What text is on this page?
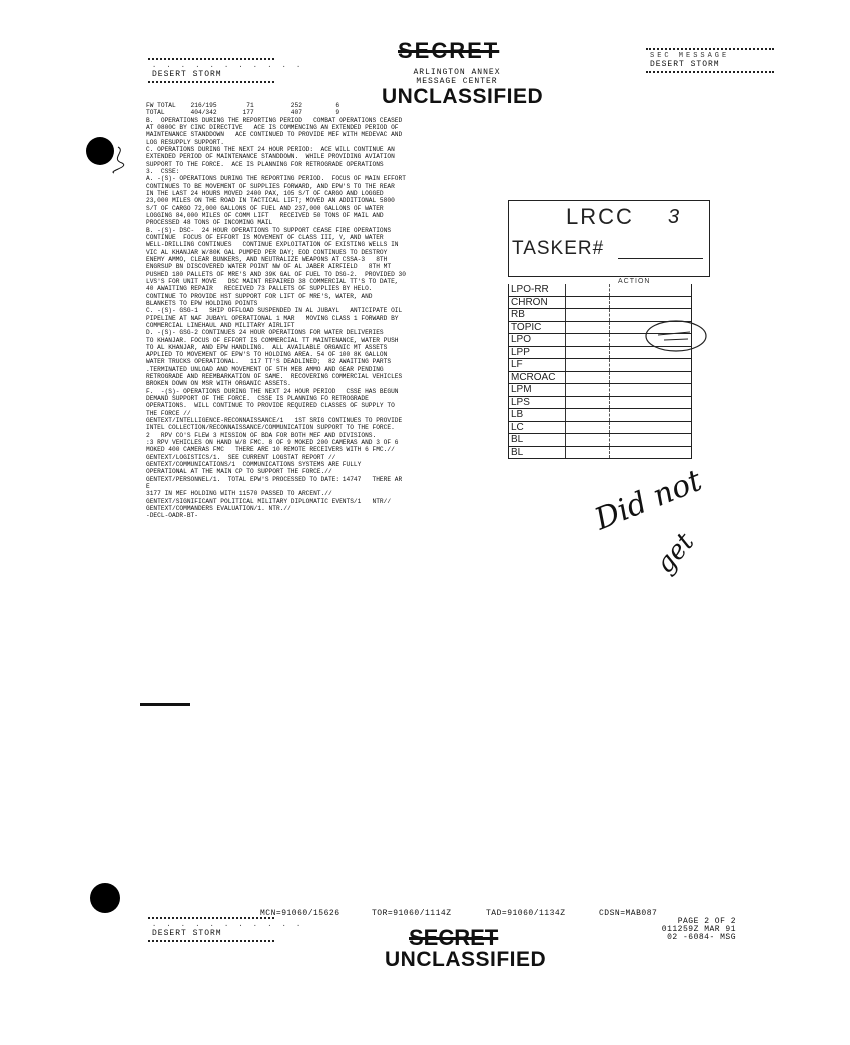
. . . . . . . . . . .
DESERT STORM
SECRET
ARLINGTON ANNEX
MESSAGE CENTER
UNCLASSIFIED
SEC MESSAGE
DESERT STORM
FW TOTAL    216/195        71          252         6
TOTAL       404/342       177          407         9
B.  OPERATIONS DURING THE REPORTING PERIOD   COMBAT OPERATIONS CEASED
AT 0800C BY CINC DIRECTIVE   ACE IS COMMENCING AN EXTENDED PERIOD OF
MAINTENANCE STANDDOWN   ACE CONTINUED TO PROVIDE MEF WITH MEDEVAC AND
LOG RESUPPLY SUPPORT.
C. OPERATIONS DURING THE NEXT 24 HOUR PERIOD:  ACE WILL CONTINUE AN
EXTENDED PERIOD OF MAINTENANCE STANDDOWN.  WHILE PROVIDING AVIATION
SUPPORT TO THE FORCE.  ACE IS PLANNING FOR RETROGRADE OPERATIONS
3.  CSSE:
A. -(S)- OPERATIONS DURING THE REPORTING PERIOD.  FOCUS OF MAIN EFFORT
CONTINUES TO BE MOVEMENT OF SUPPLIES FORWARD, AND EPW'S TO THE REAR
IN THE LAST 24 HOURS MOVED 2400 PAX, 105 S/T OF CARGO AND LOGGED
23,000 MILES ON THE ROAD IN TACTICAL LIFT; MOVED AN ADDITIONAL 5800
S/T OF CARGO 72,000 GALLONS OF FUEL AND 237,000 GALLONS OF WATER
LOGGING 84,000 MILES OF COMM LIFT   RECEIVED 50 TONS OF MAIL AND
PROCESSED 48 TONS OF INCOMING MAIL
B. -(S)- DSC-  24 HOUR OPERATIONS TO SUPPORT CEASE FIRE OPERATIONS
CONTINUE  FOCUS OF EFFORT IS MOVEMENT OF CLASS III, V, AND WATER
WELL-DRILLING CONTINUES   CONTINUE EXPLOITATION OF EXISTING WELLS IN
VIC AL KHANJAR W/80K GAL PUMPED PER DAY; EOD CONTINUES TO DESTROY
ENEMY AMMO, CLEAR BUNKERS, AND NEUTRALIZE WEAPONS AT CSSA-3   8TH
ENGRSUP BN DISCOVERED WATER POINT NW OF AL JABER AIRFIELD   8TH MT
PUSHED 180 PALLETS OF MRE'S AND 39K GAL OF FUEL TO DSG-2.  PROVIDED 30
LVS'S FOR UNIT MOVE   DSC MAINT REPAIRED 38 COMMERCIAL TT'S TO DATE,
40 AWAITING REPAIR   RECEIVED 73 PALLETS OF SUPPLIES BY HELO.
CONTINUE TO PROVIDE HST SUPPORT FOR LIFT OF MRE'S, WATER, AND
BLANKETS TO EPW HOLDING POINTS
C. -(S)- GSG-1   SHIP OFFLOAD SUSPENDED IN AL JUBAYL   ANTICIPATE OIL
PIPELINE AT NAF JUBAYL OPERATIONAL 1 MAR   MOVING CLASS 1 FORWARD BY
COMMERCIAL LINEHAUL AND MILITARY AIRLIFT
D. -(S)- GSG-2 CONTINUES 24 HOUR OPERATIONS FOR WATER DELIVERIES
TO KHANJAR. FOCUS OF EFFORT IS COMMERCIAL TT MAINTENANCE, WATER PUSH
TO AL KHANJAR, AND EPW HANDLING.  ALL AVAILABLE ORGANIC MT ASSETS
APPLIED TO MOVEMENT OF EPW'S TO HOLDING AREA. 54 OF 100 8K GALLON
WATER TRUCKS OPERATIONAL.   117 TT'S DEADLINED;  82 AWAITING PARTS
.TERMINATED UNLOAD AND MOVEMENT OF 5TH MEB AMMO AND GEAR PENDING
RETROGRADE AND REEMBARKATION OF SAME.  RECOVERING COMMERCIAL VEHICLES
BROKEN DOWN ON MSR WITH ORGANIC ASSETS.
F.  -(S)- OPERATIONS DURING THE NEXT 24 HOUR PERIOD   CSSE HAS BEGUN
DEMAND SUPPORT OF THE FORCE.  CSSE IS PLANNING FO RETROGRADE
OPERATIONS.  WILL CONTINUE TO PROVIDE REQUIRED CLASSES OF SUPPLY TO
THE FORCE //
GENTEXT/INTELLIGENCE-RECONNAISSANCE/1   1ST SRIG CONTINUES TO PROVIDE
INTEL COLLECTION/RECONNAISSANCE/COMMUNICATION SUPPORT TO THE FORCE.
2   RPV CO'S FLEW 3 MISSION OF BDA FOR BOTH MEF AND DIVISIONS.
:3 RPV VEHICLES ON HAND W/8 FMC. 8 OF 9 MOKED 200 CAMERAS AND 3 OF 6
MOKED 400 CAMERAS FMC   THERE ARE 10 REMOTE RECEIVERS WITH 6 FMC.//
GENTEXT/LOGISTICS/1.  SEE CURRENT LOGSTAT REPORT //
GENTEXT/COMMUNICATIONS/1  COMMUNICATIONS SYSTEMS ARE FULLY
OPERATIONAL AT THE MAIN CP TO SUPPORT THE FORCE.//
GENTEXT/PERSONNEL/1.  TOTAL EPW'S PROCESSED TO DATE: 14747   THERE AR
E
3177 IN MEF HOLDING WITH 11570 PASSED TO ARCENT.//
GENTEXT/SIGNIFICANT POLITICAL MILITARY DIPLOMATIC EVENTS/1   NTR//
GENTEXT/COMMANDERS EVALUATION/1. NTR.//
-DECL-OADR-BT-
LRCC 3
TASKER#
ACTION
LPO-RR
CHRON
RB
TOPIC
LPO
LPP
LF
MCROAC
LPM
LPS
LB
LC
BL
BL
Did not
get
MCN=91060/15626	TOR=91060/1114Z	TAD=91060/1134Z	CDSN=MAB087
PAGE 2 OF 2
011259Z MAR 91
02 -6084- MSG
. . . . . . . . . . .
DESERT STORM	SECRET
UNCLASSIFIED
